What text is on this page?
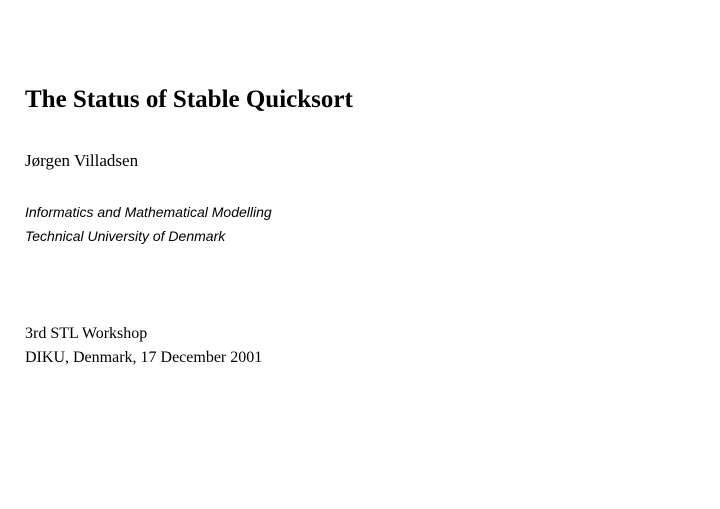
The Status of Stable Quicksort
Jørgen Villadsen
Informatics and Mathematical Modelling
Technical University of Denmark
3rd STL Workshop
DIKU, Denmark, 17 December 2001
